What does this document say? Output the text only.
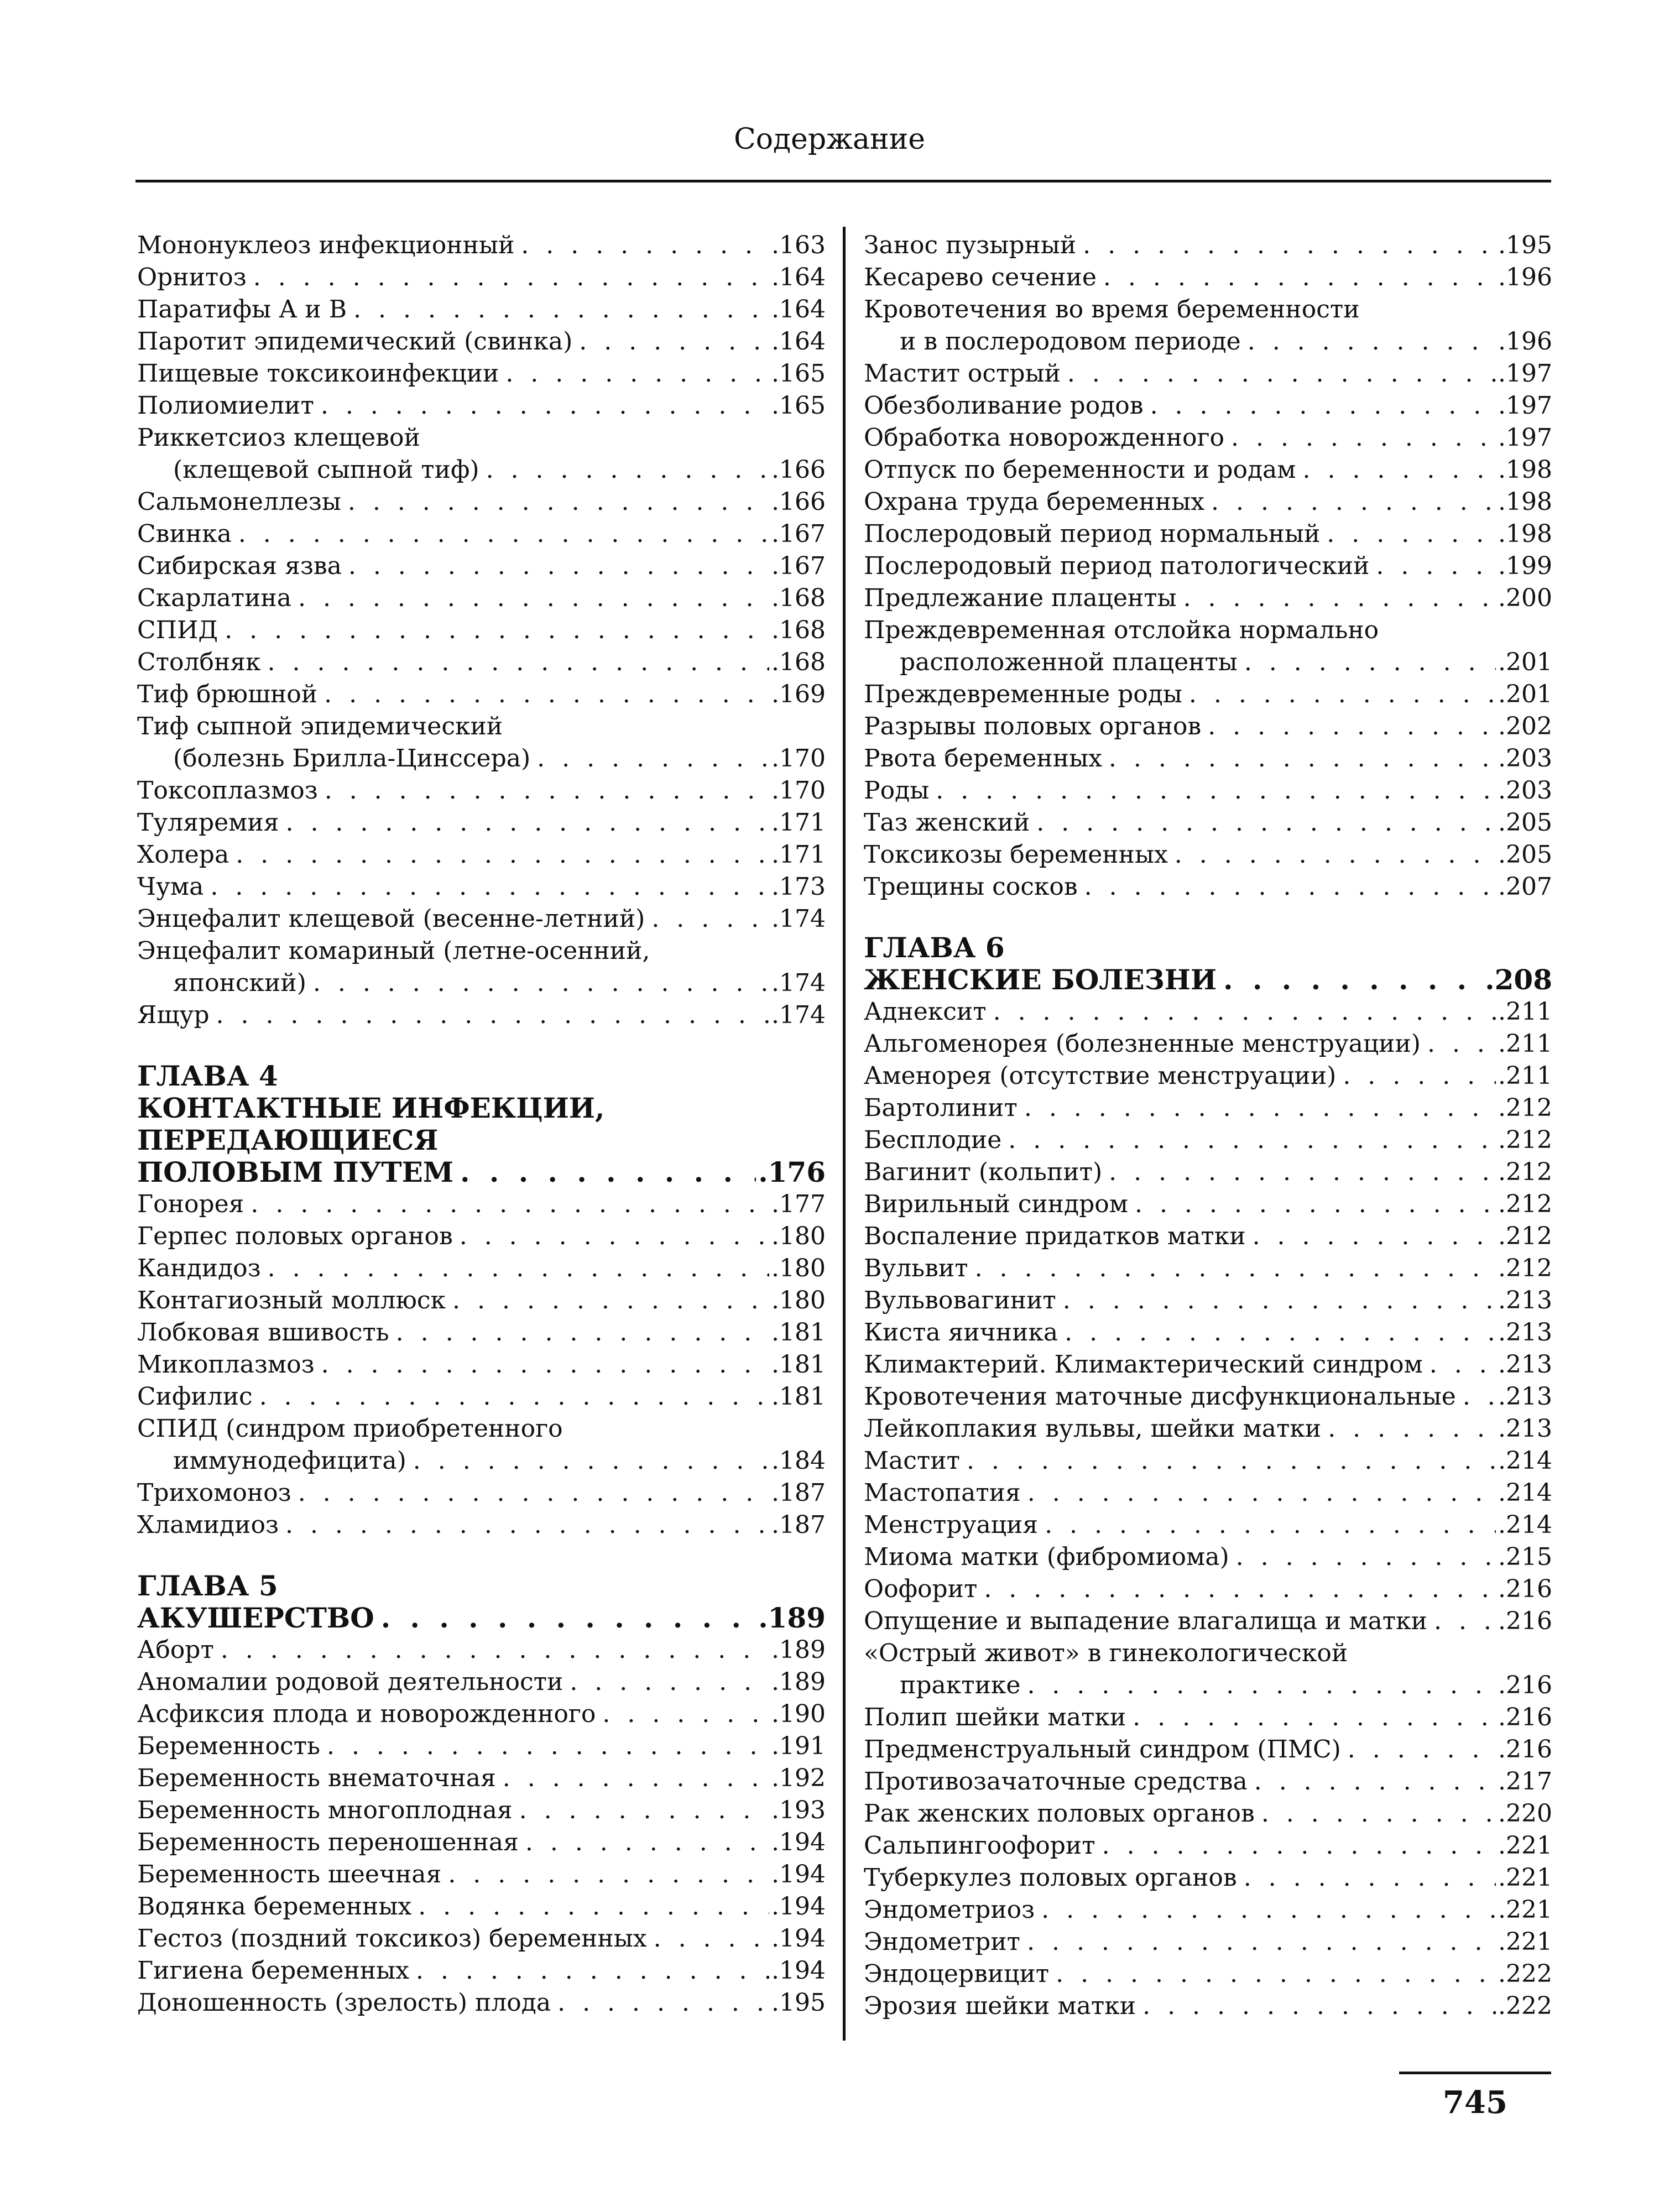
Содержание
Мононуклеоз инфекционный . . .	.163
Орнитоз . . .	.164
Паратифы А и В . . .	.164
Паротит эпидемический (свинка) . . .	.164
Пищевые токсикоинфекции . . .	.165
Полиомиелит . . .	.165
Риккетсиоз клещевой
(клещевой сыпной тиф) . . .	.166
Сальмонеллезы . . .	.166
Свинка . . .	.167
Сибирская язва . . .	.167
Скарлатина . . .	.168
СПИД . . .	.168
Столбняк . . .	.168
Тиф брюшной . . .	.169
Тиф сыпной эпидемический
(болезнь Брилла-Цинссера) . . .	.170
Токсоплазмоз . . .	.170
Туляремия . . .	.171
Холера . . .	.171
Чума . . .	.173
Энцефалит клещевой (весенне-летний) . . .	.174
Энцефалит комариный (летне-осенний,
японский) . . .	.174
Ящур . . .	.174
ГЛАВА 4
КОНТАКТНЫЕ ИНФЕКЦИИ,
ПЕРЕДАЮЩИЕСЯ
ПОЛОВЫМ ПУТЕМ . . .	.176
Гонорея . . .	.177
Герпес половых органов . . .	.180
Кандидоз . . .	.180
Контагиозный моллюск . . .	.180
Лобковая вшивость . . .	.181
Микоплазмоз . . .	.181
Сифилис . . .	.181
СПИД (синдром приобретенного
иммунодефицита) . . .	.184
Трихомоноз . . .	.187
Хламидиоз . . .	.187
ГЛАВА 5
АКУШЕРСТВО . . .	.189
Аборт . . .	.189
Аномалии родовой деятельности . . .	.189
Асфиксия плода и новорожденного . . .	.190
Беременность . . .	.191
Беременность внематочная . . .	.192
Беременность многоплодная . . .	.193
Беременность переношенная . . .	.194
Беременность шеечная . . .	.194
Водянка беременных . . .	.194
Гестоз (поздний токсикоз) беременных . . .	.194
Гигиена беременных . . .	.194
Доношенность (зрелость) плода . . .	.195
Занос пузырный . . .	.195
Кесарево сечение . . .	.196
Кровотечения во время беременности
и в послеродовом периоде . . .	.196
Мастит острый . . .	.197
Обезболивание родов . . .	.197
Обработка новорожденного . . .	.197
Отпуск по беременности и родам . . .	.198
Охрана труда беременных . . .	.198
Послеродовый период нормальный . . .	.198
Послеродовый период патологический . . .	.199
Предлежание плаценты . . .	.200
Преждевременная отслойка нормально
расположенной плаценты . . .	.201
Преждевременные роды . . .	.201
Разрывы половых органов . . .	.202
Рвота беременных . . .	.203
Роды . . .	.203
Таз женский . . .	.205
Токсикозы беременных . . .	.205
Трещины сосков . . .	.207
ГЛАВА 6
ЖЕНСКИЕ БОЛЕЗНИ . . .	.208
Аднексит . . .	.211
Альгоменорея (болезненные менструации) . . .	.211
Аменорея (отсутствие менструации) . . .	.211
Бартолинит . . .	.212
Бесплодие . . .	.212
Вагинит (кольпит) . . .	.212
Вирильный синдром . . .	.212
Воспаление придатков матки . . .	.212
Вульвит . . .	.212
Вульвовагинит . . .	.213
Киста яичника . . .	.213
Климактерий. Климактерический синдром . . .	.213
Кровотечения маточные дисфункциональные . . . .213
Лейкоплакия вульвы, шейки матки . . .	.213
Мастит . . .	.214
Мастопатия . . .	.214
Менструация . . .	.214
Миома матки (фибромиома) . . .	.215
Оофорит . . .	.216
Опущение и выпадение влагалища и матки . . .	.216
«Острый живот» в гинекологической
практике . . .	.216
Полип шейки матки . . .	.216
Предменструальный синдром (ПМС) . . .	.216
Противозачаточные средства . . .	.217
Рак женских половых органов . . .	.220
Сальпингоофорит . . .	.221
Туберкулез половых органов . . .	.221
Эндометриоз . . .	.221
Эндометрит . . .	.221
Эндоцервицит . . .	.222
Эрозия шейки матки . . .	.222
745
